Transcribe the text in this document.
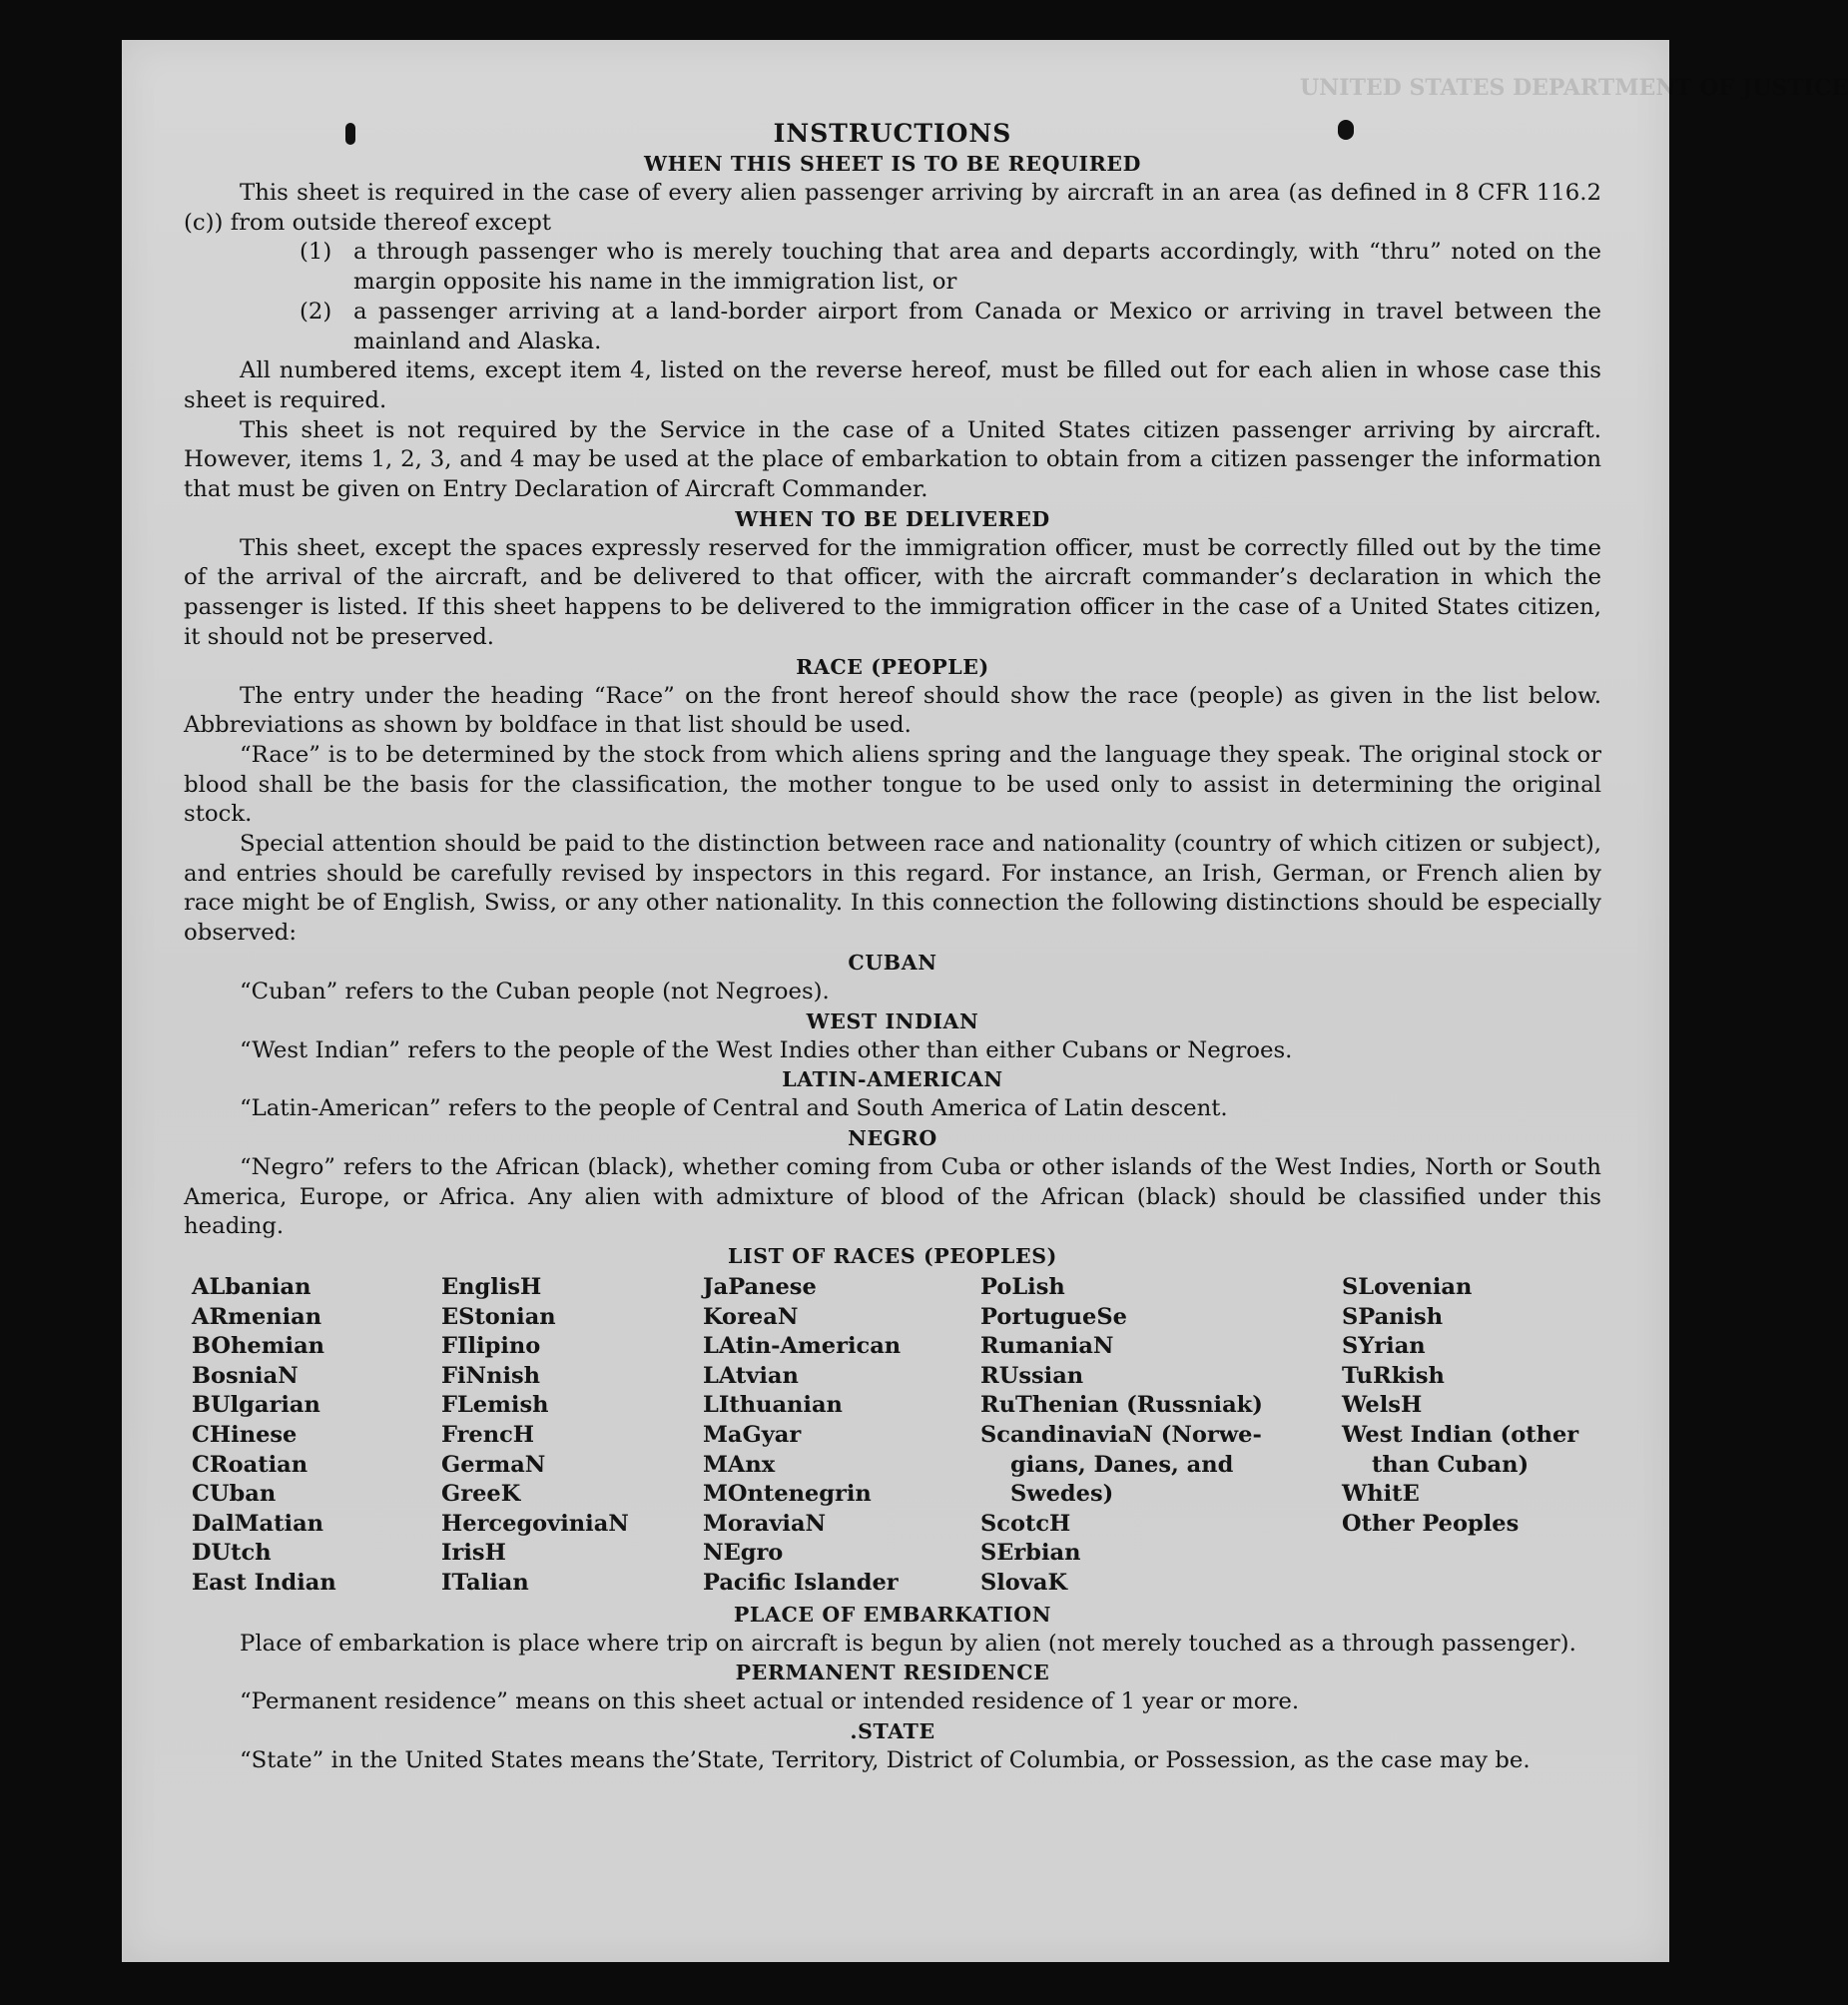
UNITED STATES DEPARTMENT OF JUSTICE
INSTRUCTIONS
WHEN THIS SHEET IS TO BE REQUIRED

This sheet is required in the case of every alien passenger arriving by aircraft in an area (as defined in 8 CFR 116.2 (c)) from outside thereof except

(1) a through passenger who is merely touching that area and departs accordingly, with “thru” noted on the margin opposite his name in the immigration list, or
(2) a passenger arriving at a land-border airport from Canada or Mexico or arriving in travel between the mainland and Alaska.

All numbered items, except item 4, listed on the reverse hereof, must be filled out for each alien in whose case this sheet is required.

This sheet is not required by the Service in the case of a United States citizen passenger arriving by aircraft. However, items 1, 2, 3, and 4 may be used at the place of embarkation to obtain from a citizen passenger the information that must be given on Entry Declaration of Aircraft Commander.

WHEN TO BE DELIVERED

This sheet, except the spaces expressly reserved for the immigration officer, must be correctly filled out by the time of the arrival of the aircraft, and be delivered to that officer, with the aircraft commander’s declaration in which the passenger is listed. If this sheet happens to be delivered to the immigration officer in the case of a United States citizen, it should not be preserved.

RACE (PEOPLE)

The entry under the heading “Race” on the front hereof should show the race (people) as given in the list below. Abbreviations as shown by boldface in that list should be used.

“Race” is to be determined by the stock from which aliens spring and the language they speak. The original stock or blood shall be the basis for the classification, the mother tongue to be used only to assist in determining the original stock.

Special attention should be paid to the distinction between race and nationality (country of which citizen or subject), and entries should be carefully revised by inspectors in this regard. For instance, an Irish, German, or French alien by race might be of English, Swiss, or any other nationality. In this connection the following distinctions should be especially observed:

CUBAN

“Cuban” refers to the Cuban people (not Negroes).

WEST INDIAN

“West Indian” refers to the people of the West Indies other than either Cubans or Negroes.

LATIN-AMERICAN

“Latin-American” refers to the people of Central and South America of Latin descent.

NEGRO

“Negro” refers to the African (black), whether coming from Cuba or other islands of the West Indies, North or South America, Europe, or Africa. Any alien with admixture of blood of the African (black) should be classified under this heading.

LIST OF RACES (PEOPLES)
ALbanian
ARmenian
BOhemian
BosniaN
BUlgarian
CHinese
CRoatian
CUban
DalMatian
DUtch
East Indian
EnglisH
EStonian
FIlipino
FiNnish
FLemish
FrencH
GermaN
GreeK
HercegoviniaN
IrisH
ITalian
JaPanese
KoreaN
LAtin-American
LAtvian
LIthuanian
MaGyar
MAnx
MOntenegrin
MoraviaN
NEgro
Pacific Islander
PoLish
PortugueSe
RumaniaN
RUssian
RuThenian (Russniak)
ScandinaviaN (Norwe-
gians, Danes, and
Swedes)
ScotcH
SErbian
SlovaK
SLovenian
SPanish
SYrian
TuRkish
WelsH
West Indian (other
than Cuban)
WhitE
Other Peoples
PLACE OF EMBARKATION

Place of embarkation is place where trip on aircraft is begun by alien (not merely touched as a through passenger).

PERMANENT RESIDENCE

“Permanent residence” means on this sheet actual or intended residence of 1 year or more.

.STATE

“State” in the United States means the’State, Territory, District of Columbia, or Possession, as the case may be.
